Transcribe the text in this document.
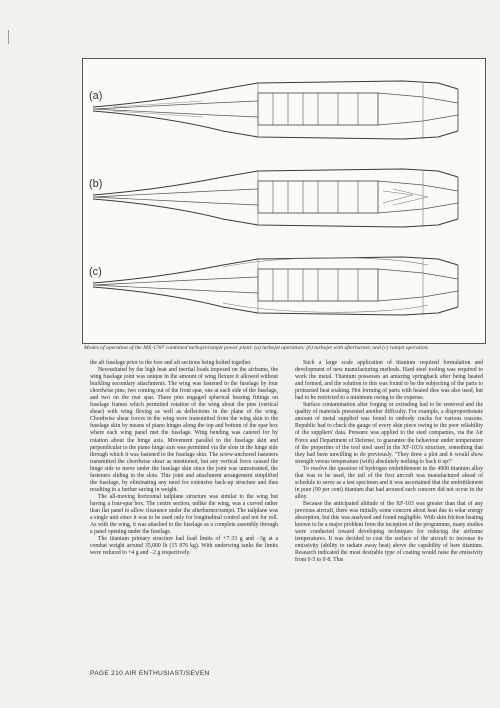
(a)
(b)
(c)
Modes of operation of the MX-1787 combined turbojet/ramjet power plant: (a) turbojet operation; (b) turbojet with afterburner, and (c) ramjet operation.

the aft fuselage prior to the fore and aft sections being bolted together.

Necessitated by the high heat and inertial loads imposed on the airframe, the wing fuselage joint was unique in the amount of wing flexure it allowed without buckling secondary attachments. The wing was fastened to the fuselage by four chordwise pins, two coming out of the front spar, one at each side of the fuselage, and two on the rear spar. These pins engaged spherical bearing fittings on fuselage frames which permitted rotation of the wing about the pins (vertical shear) with wing flexing as well as deflections in the plane of the wing. Chordwise shear forces in the wing were transmitted from the wing skin to the fuselage skin by means of piano hinges along the top and bottom of the spar box where each wing panel met the fuselage. Wing bending was catered for by rotation about the hinge axis. Movement parallel to the fuselage skin and perpendicular to the piano hinge axis was permitted via the slots in the hinge side through which it was fastened to the fuselage skin. The screw-anchored fasteners transmitted the chordwise shear as mentioned, but any vertical force caused the hinge side to move under the fuselage skin since the joint was unrestrained, the fasteners sliding in the slots. This joint and attachment arrangement simplified the fuselage, by eliminating any need for extensive back-up structure and thus resulting in a further saving in weight.

The all-moving horizontal tailplane structure was similar to the wing but having a four-spar box. The centre section, unlike the wing, was a curved rather than flat panel to allow clearance under the afterburner/ramjet. The tailplane was a single unit since it was to be used only for longitudinal control and not for roll. As with the wing, it was attached to the fuselage as a complete assembly through a panel opening under the fuselage.

The titanium primary structure had load limits of +7·33 g and −3g at a combat weight around 35,000 lb (15 876 kg). With underwing tanks the limits were reduced to +4 g and −2 g respectively.

Such a large scale application of titanium required formulation and development of new manufacturing methods. Hard steel tooling was required to work the metal. Titanium possesses an amazing springback after being heated and formed, and the solution to this was found to be the subjecting of the parts to protracted heat soaking. Hot forming of parts with heated dies was also used, but had to be restricted to a minimum owing to the expense.

Surface contamination after forging or extruding had to be removed and the quality of materials presented another difficulty. For example, a disproportionate amount of metal supplied was found to embody cracks for various reasons. Republic had to check the gauge of every skin piece owing to the poor reliability of the suppliers' data. Pressure was applied to the steel companies, via the Air Force and Department of Defense, to guarantee the behaviour under temperature of the properties of the tool steel used in the XF-103's structure, something that they had been unwilling to do previously. "They drew a plot and it would show strength versus temperature (with) absolutely nothing to back it up!"

To resolve the question of hydrogen embrittlement in the 4908 titanium alloy that was to be used, the tail of the first aircraft was manufactured ahead of schedule to serve as a test specimen and it was ascertained that the embrittlement in pure (99 per cent) titanium that had aroused such concern did not occur in the alloy.

Because the anticipated altitude of the XF-103 was greater than that of any previous aircraft, there was initially some concern about heat due to solar energy absorption, but this was analysed and found negligible. With skin friction heating known to be a major problem from the inception of the programme, many studies were conducted toward developing techniques for reducing the airframe temperatures. It was decided to coat the surface of the aircraft to increase its emissivity (ability to radiate away heat) above the capability of bare titanium. Research indicated the most desirable type of coating would raise the emissivity from 0·5 to 0·8. This

PAGE 210 AIR ENTHUSIAST/SEVEN
